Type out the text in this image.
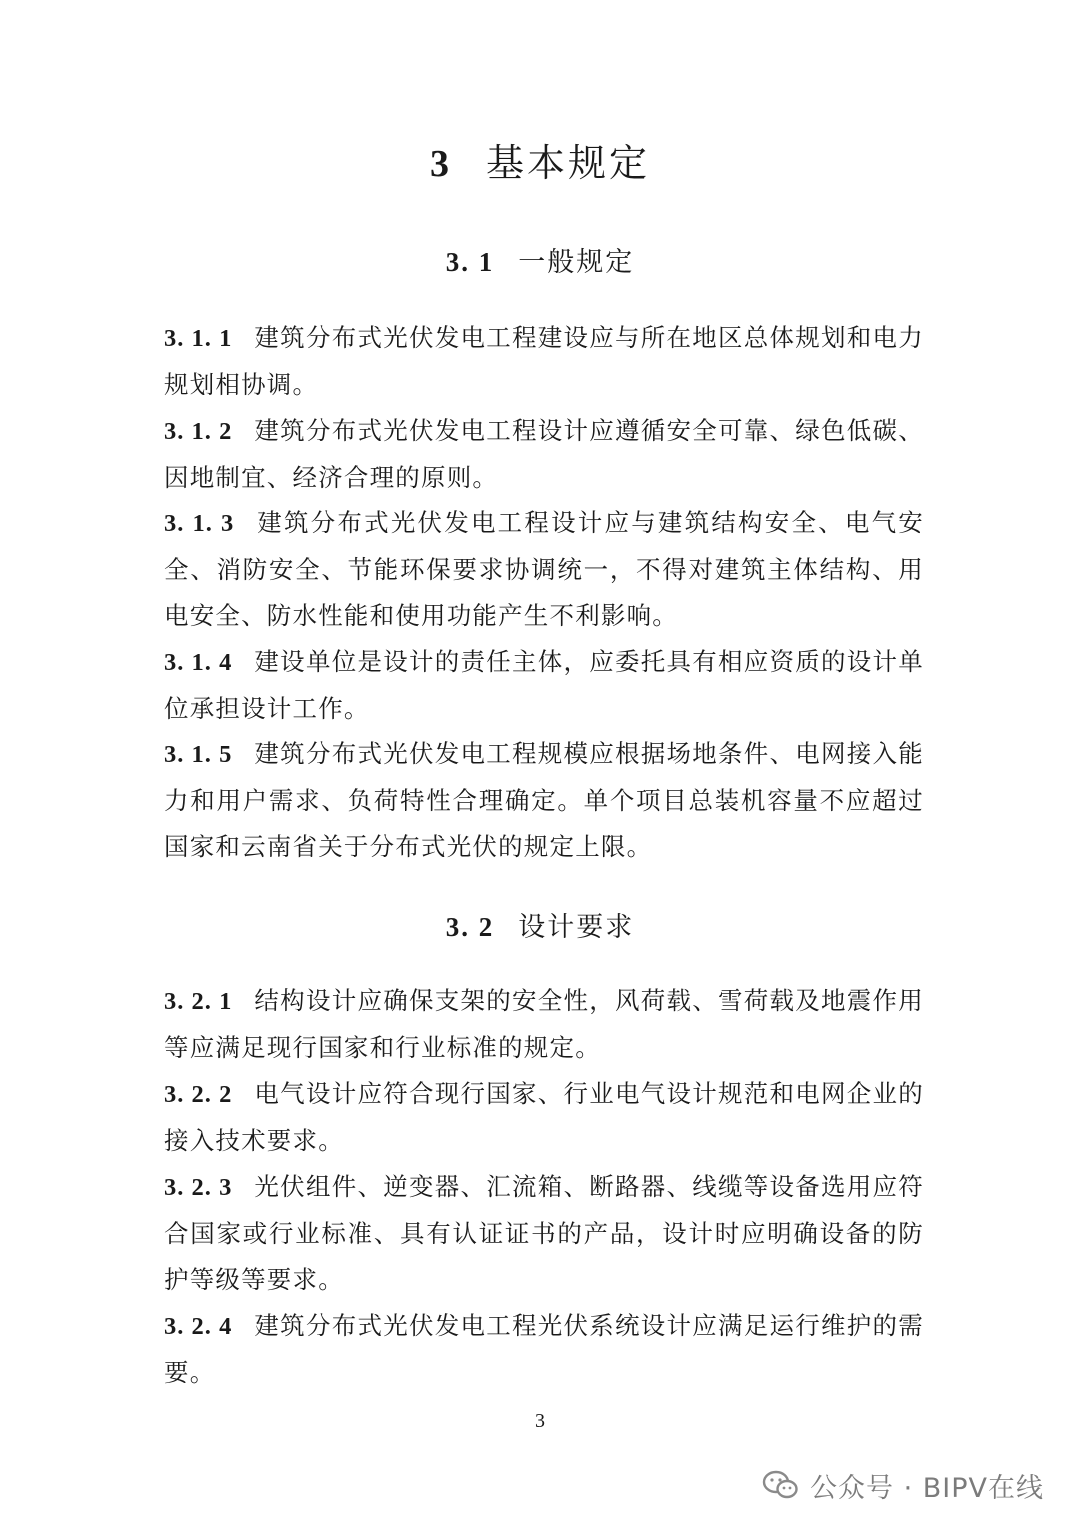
3 基本规定
3. 1 一般规定
3. 1. 1 建筑分布式光伏发电工程建设应与所在地区总体规划和电力规划相协调。
3. 1. 2 建筑分布式光伏发电工程设计应遵循安全可靠、绿色低碳、因地制宜、经济合理的原则。
3. 1. 3 建筑分布式光伏发电工程设计应与建筑结构安全、电气安全、消防安全、节能环保要求协调统一，不得对建筑主体结构、用电安全、防水性能和使用功能产生不利影响。
3. 1. 4 建设单位是设计的责任主体，应委托具有相应资质的设计单位承担设计工作。
3. 1. 5 建筑分布式光伏发电工程规模应根据场地条件、电网接入能力和用户需求、负荷特性合理确定。单个项目总装机容量不应超过国家和云南省关于分布式光伏的规定上限。
3. 2 设计要求
3. 2. 1 结构设计应确保支架的安全性，风荷载、雪荷载及地震作用等应满足现行国家和行业标准的规定。
3. 2. 2 电气设计应符合现行国家、行业电气设计规范和电网企业的接入技术要求。
3. 2. 3 光伏组件、逆变器、汇流箱、断路器、线缆等设备选用应符合国家或行业标准、具有认证证书的产品，设计时应明确设备的防护等级等要求。
3. 2. 4 建筑分布式光伏发电工程光伏系统设计应满足运行维护的需要。
3
公众号 · BIPV在线
